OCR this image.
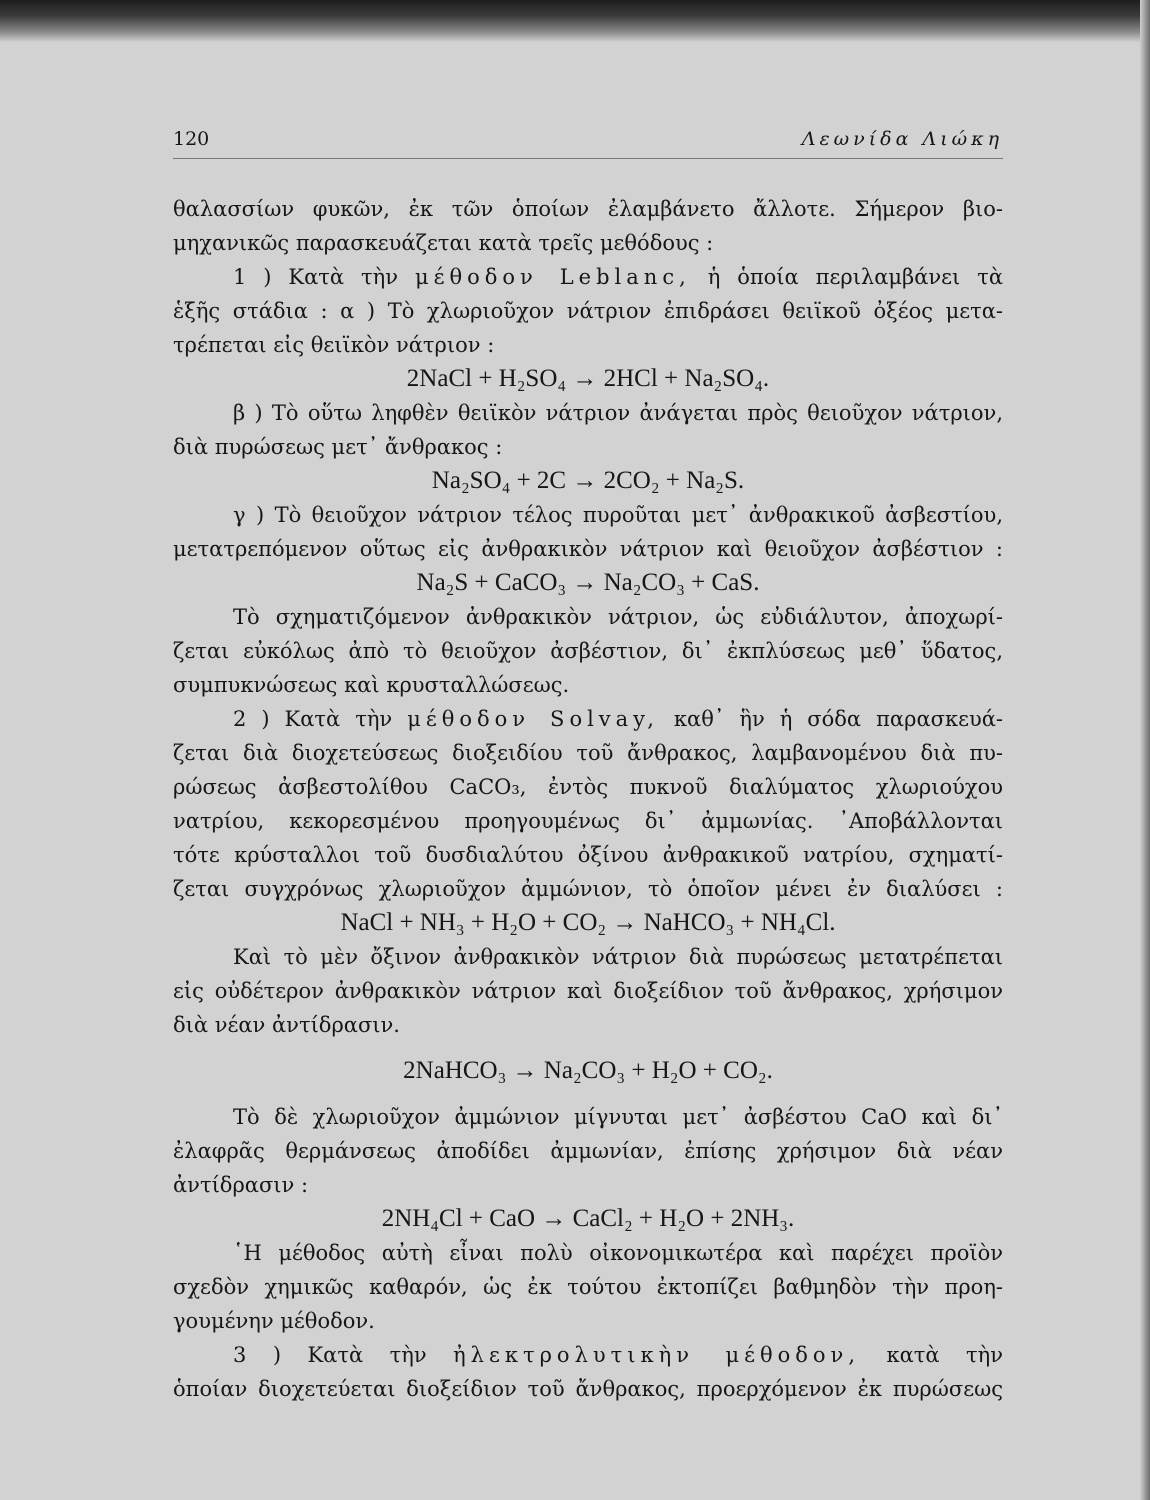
120	Λεωνίδα Λιώκη
θαλασσίων φυκῶν, ἐκ τῶν ὁποίων ἐλαμβάνετο ἄλλοτε. Σήμερον βιο-
μηχανικῶς παρασκευάζεται κατὰ τρεῖς μεθόδους :
1 ) Κατὰ τὴν μέθοδον Leblanc, ἡ ὁποία περιλαμβάνει τὰ
ἑξῆς στάδια : α ) Τὸ χλωριοῦχον νάτριον ἐπιδράσει θειϊκοῦ ὀξέος μετα-
τρέπεται εἰς θειϊκὸν νάτριον :
2NaCl + H₂SO₄ → 2HCl + Na₂SO₄.
β ) Τὸ οὕτω ληφθὲν θειϊκὸν νάτριον ἀνάγεται πρὸς θειοῦχον νάτριον,
διὰ πυρώσεως μετ᾽ ἄνθρακος :
Na₂SO₄ + 2C → 2CO₂ + Na₂S.
γ ) Τὸ θειοῦχον νάτριον τέλος πυροῦται μετ᾽ ἀνθρακικοῦ ἀσβεστίου,
μετατρεπόμενον οὕτως εἰς ἀνθρακικὸν νάτριον καὶ θειοῦχον ἀσβέστιον :
Na₂S + CaCO₃ → Na₂CO₃ + CaS.
Τὸ σχηματιζόμενον ἀνθρακικὸν νάτριον, ὡς εὐδιάλυτον, ἀποχωρί-
ζεται εὐκόλως ἀπὸ τὸ θειοῦχον ἀσβέστιον, δι᾽ ἐκπλύσεως μεθ᾽ ὕδατος,
συμπυκνώσεως καὶ κρυσταλλώσεως.
2 ) Κατὰ τὴν μέθοδον Solvay, καθ᾽ ἣν ἡ σόδα παρασκευά-
ζεται διὰ διοχετεύσεως διοξειδίου τοῦ ἄνθρακος, λαμβανομένου διὰ πυ-
ρώσεως ἀσβεστολίθου CaCO₃, ἐντὸς πυκνοῦ διαλύματος χλωριούχου
νατρίου, κεκορεσμένου προηγουμένως δι᾽ ἀμμωνίας. ᾿Αποβάλλονται
τότε κρύσταλλοι τοῦ δυσδιαλύτου ὀξίνου ἀνθρακικοῦ νατρίου, σχηματί-
ζεται συγχρόνως χλωριοῦχον ἀμμώνιον, τὸ ὁποῖον μένει ἐν διαλύσει :
NaCl + NH₃ + H₂O + CO₂ → NaHCO₃ + NH₄Cl.
Καὶ τὸ μὲν ὄξινον ἀνθρακικὸν νάτριον διὰ πυρώσεως μετατρέπεται
εἰς οὐδέτερον ἀνθρακικὸν νάτριον καὶ διοξείδιον τοῦ ἄνθρακος, χρήσιμον
διὰ νέαν ἀντίδρασιν.
2NaHCO₃ → Na₂CO₃ + H₂O + CO₂.
Τὸ δὲ χλωριοῦχον ἀμμώνιον μίγνυται μετ᾽ ἀσβέστου CaO καὶ δι᾽
ἐλαφρᾶς θερμάνσεως ἀποδίδει ἀμμωνίαν, ἐπίσης χρήσιμον διὰ νέαν
ἀντίδρασιν :
2NH₄Cl + CaO → CaCl₂ + H₂O + 2NH₃.
῾Η μέθοδος αὐτὴ εἶναι πολὺ οἰκονομικωτέρα καὶ παρέχει προϊὸν
σχεδὸν χημικῶς καθαρόν, ὡς ἐκ τούτου ἐκτοπίζει βαθμηδὸν τὴν προη-
γουμένην μέθοδον.
3 ) Κατὰ τὴν ἠλεκτρολυτικὴν μέθοδον, κατὰ τὴν
ὁποίαν διοχετεύεται διοξείδιον τοῦ ἄνθρακος, προερχόμενον ἐκ πυρώσεως
